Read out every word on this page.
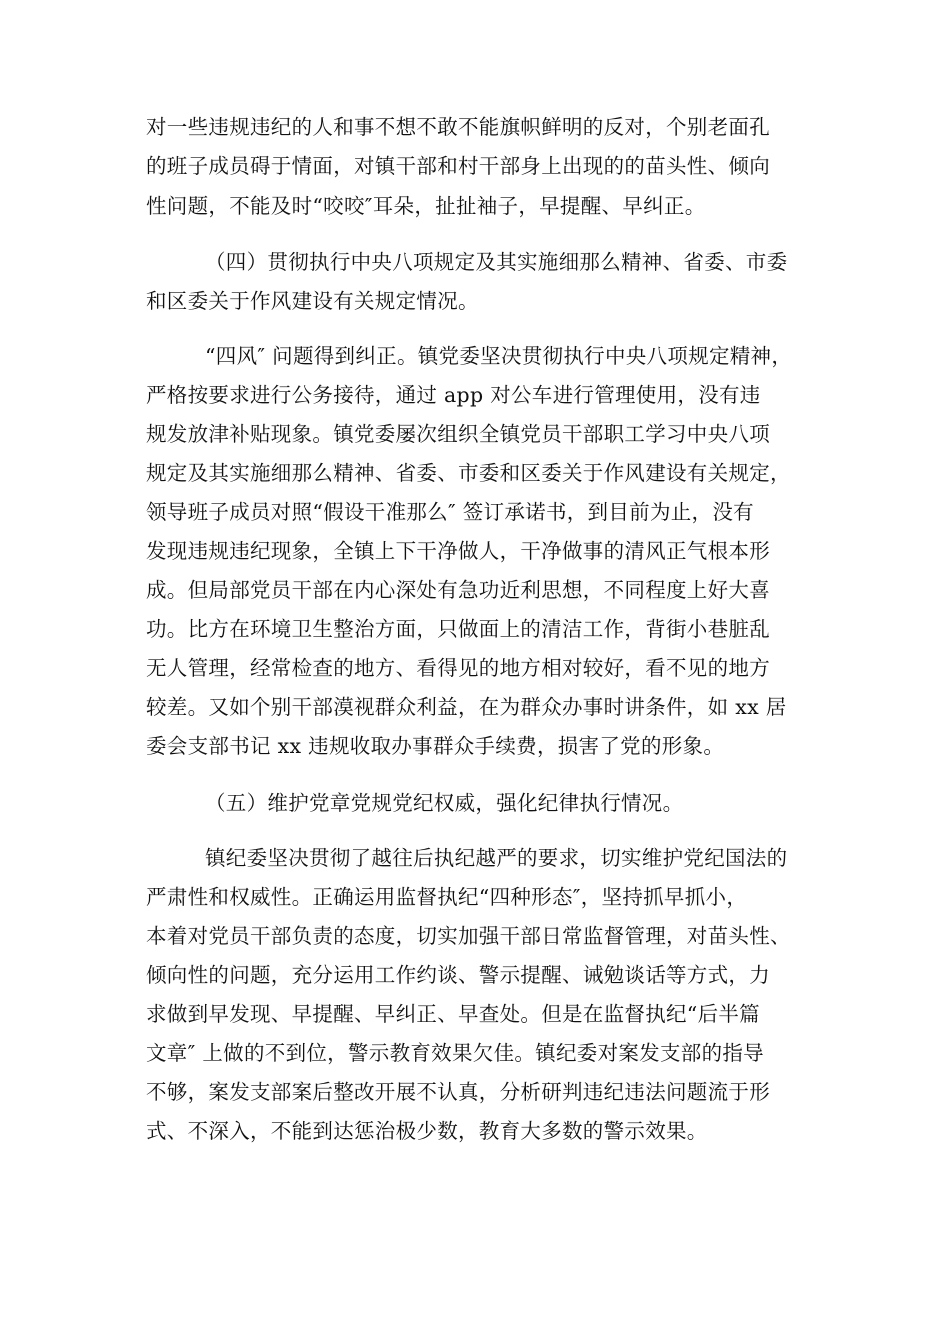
对一些违规违纪的人和事不想不敢不能旗帜鲜明的反对，个别老面孔
的班子成员碍于情面，对镇干部和村干部身上出现的的苗头性、倾向
性问题，不能及时“咬咬″耳朵，扯扯袖子，早提醒、早纠正。
（四）贯彻执行中央八项规定及其实施细那么精神、省委、市委
和区委关于作风建设有关规定情况。
“四风″ 问题得到纠正。镇党委坚决贯彻执行中央八项规定精神，
严格按要求进行公务接待，通过 app 对公车进行管理使用，没有违
规发放津补贴现象。镇党委屡次组织全镇党员干部职工学习中央八项
规定及其实施细那么精神、省委、市委和区委关于作风建设有关规定，
领导班子成员对照“假设干准那么″ 签订承诺书，到目前为止，没有
发现违规违纪现象，全镇上下干净做人，干净做事的清风正气根本形
成。但局部党员干部在内心深处有急功近利思想，不同程度上好大喜
功。比方在环境卫生整治方面，只做面上的清洁工作，背街小巷脏乱
无人管理，经常检查的地方、看得见的地方相对较好，看不见的地方
较差。又如个别干部漠视群众利益，在为群众办事时讲条件，如 xx 居
委会支部书记 xx 违规收取办事群众手续费，损害了党的形象。
（五）维护党章党规党纪权威，强化纪律执行情况。
镇纪委坚决贯彻了越往后执纪越严的要求，切实维护党纪国法的
严肃性和权威性。正确运用监督执纪“四种形态″，坚持抓早抓小，
本着对党员干部负责的态度，切实加强干部日常监督管理，对苗头性、
倾向性的问题，充分运用工作约谈、警示提醒、诫勉谈话等方式，力
求做到早发现、早提醒、早纠正、早查处。但是在监督执纪“后半篇
文章″ 上做的不到位，警示教育效果欠佳。镇纪委对案发支部的指导
不够，案发支部案后整改开展不认真，分析研判违纪违法问题流于形
式、不深入，不能到达惩治极少数，教育大多数的警示效果。
